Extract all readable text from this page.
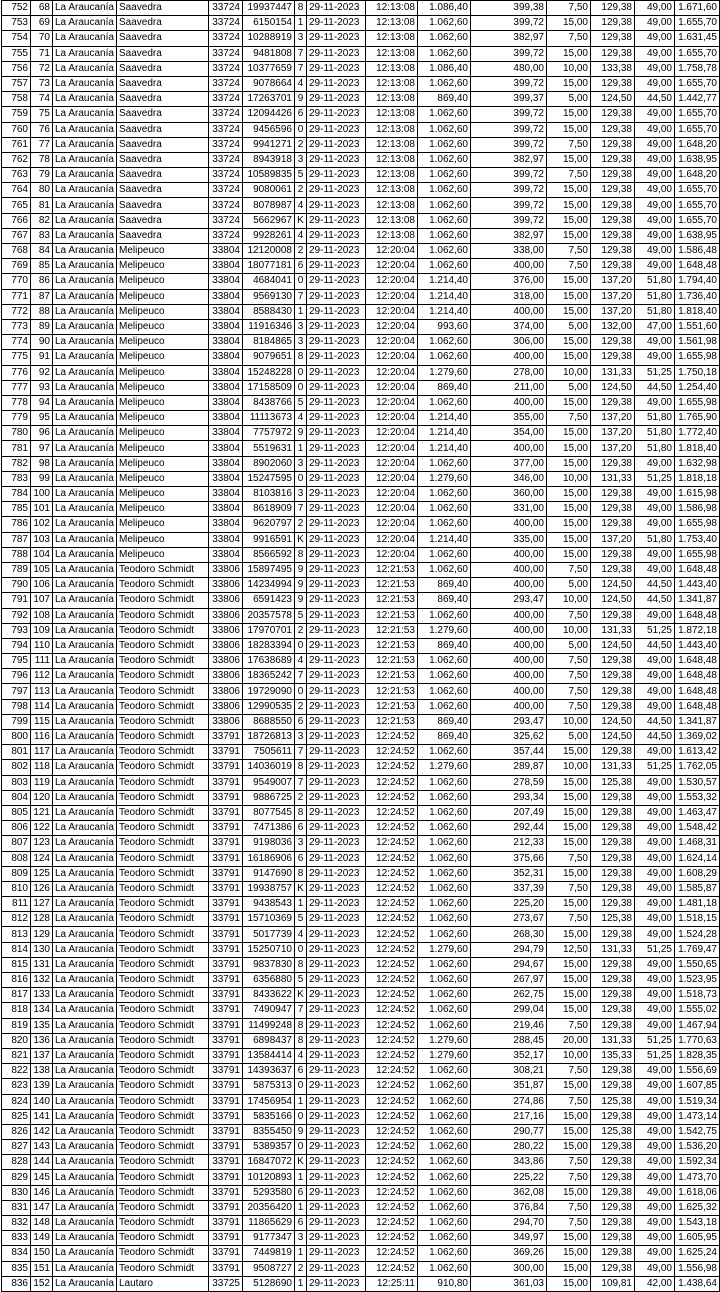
752	68	La Araucanía	Saavedra	33724	19937447	8	29-11-2023	12:13:08	1.086,40	399,38	7,50	129,38	49,00	1.671,60
753	69	La Araucanía	Saavedra	33724	6150154	1	29-11-2023	12:13:08	1.062,60	399,72	15,00	129,38	49,00	1.655,70
754	70	La Araucanía	Saavedra	33724	10288919	3	29-11-2023	12:13:08	1.062,60	382,97	7,50	129,38	49,00	1.631,45
755	71	La Araucanía	Saavedra	33724	9481808	7	29-11-2023	12:13:08	1.062,60	399,72	15,00	129,38	49,00	1.655,70
756	72	La Araucanía	Saavedra	33724	10377659	7	29-11-2023	12:13:08	1.086,40	480,00	10,00	133,38	49,00	1.758,78
757	73	La Araucanía	Saavedra	33724	9078664	4	29-11-2023	12:13:08	1.062,60	399,72	15,00	129,38	49,00	1.655,70
758	74	La Araucanía	Saavedra	33724	17263701	9	29-11-2023	12:13:08	869,40	399,37	5,00	124,50	44,50	1.442,77
759	75	La Araucanía	Saavedra	33724	12094426	6	29-11-2023	12:13:08	1.062,60	399,72	15,00	129,38	49,00	1.655,70
760	76	La Araucanía	Saavedra	33724	9456596	0	29-11-2023	12:13:08	1.062,60	399,72	15,00	129,38	49,00	1.655,70
761	77	La Araucanía	Saavedra	33724	9941271	2	29-11-2023	12:13:08	1.062,60	399,72	7,50	129,38	49,00	1.648,20
762	78	La Araucanía	Saavedra	33724	8943918	3	29-11-2023	12:13:08	1.062,60	382,97	15,00	129,38	49,00	1.638,95
763	79	La Araucanía	Saavedra	33724	10589835	5	29-11-2023	12:13:08	1.062,60	399,72	7,50	129,38	49,00	1.648,20
764	80	La Araucanía	Saavedra	33724	9080061	2	29-11-2023	12:13:08	1.062,60	399,72	15,00	129,38	49,00	1.655,70
765	81	La Araucanía	Saavedra	33724	8078987	4	29-11-2023	12:13:08	1.062,60	399,72	15,00	129,38	49,00	1.655,70
766	82	La Araucanía	Saavedra	33724	5662967	K	29-11-2023	12:13:08	1.062,60	399,72	15,00	129,38	49,00	1.655,70
767	83	La Araucanía	Saavedra	33724	9928261	4	29-11-2023	12:13:08	1.062,60	382,97	15,00	129,38	49,00	1.638,95
768	84	La Araucanía	Melipeuco	33804	12120008	2	29-11-2023	12:20:04	1.062,60	338,00	7,50	129,38	49,00	1.586,48
769	85	La Araucanía	Melipeuco	33804	18077181	6	29-11-2023	12:20:04	1.062,60	400,00	7,50	129,38	49,00	1.648,48
770	86	La Araucanía	Melipeuco	33804	4684041	0	29-11-2023	12:20:04	1.214,40	376,00	15,00	137,20	51,80	1.794,40
771	87	La Araucanía	Melipeuco	33804	9569130	7	29-11-2023	12:20:04	1.214,40	318,00	15,00	137,20	51,80	1.736,40
772	88	La Araucanía	Melipeuco	33804	8588430	1	29-11-2023	12:20:04	1.214,40	400,00	15,00	137,20	51,80	1.818,40
773	89	La Araucanía	Melipeuco	33804	11916346	3	29-11-2023	12:20:04	993,60	374,00	5,00	132,00	47,00	1.551,60
774	90	La Araucanía	Melipeuco	33804	8184865	3	29-11-2023	12:20:04	1.062,60	306,00	15,00	129,38	49,00	1.561,98
775	91	La Araucanía	Melipeuco	33804	9079651	8	29-11-2023	12:20:04	1.062,60	400,00	15,00	129,38	49,00	1.655,98
776	92	La Araucanía	Melipeuco	33804	15248228	0	29-11-2023	12:20:04	1.279,60	278,00	10,00	131,33	51,25	1.750,18
777	93	La Araucanía	Melipeuco	33804	17158509	0	29-11-2023	12:20:04	869,40	211,00	5,00	124,50	44,50	1.254,40
778	94	La Araucanía	Melipeuco	33804	8438766	5	29-11-2023	12:20:04	1.062,60	400,00	15,00	129,38	49,00	1.655,98
779	95	La Araucanía	Melipeuco	33804	11113673	4	29-11-2023	12:20:04	1.214,40	355,00	7,50	137,20	51,80	1.765,90
780	96	La Araucanía	Melipeuco	33804	7757972	9	29-11-2023	12:20:04	1.214,40	354,00	15,00	137,20	51,80	1.772,40
781	97	La Araucanía	Melipeuco	33804	5519631	1	29-11-2023	12:20:04	1.214,40	400,00	15,00	137,20	51,80	1.818,40
782	98	La Araucanía	Melipeuco	33804	8902060	3	29-11-2023	12:20:04	1.062,60	377,00	15,00	129,38	49,00	1.632,98
783	99	La Araucanía	Melipeuco	33804	15247595	0	29-11-2023	12:20:04	1.279,60	346,00	10,00	131,33	51,25	1.818,18
784	100	La Araucanía	Melipeuco	33804	8103816	3	29-11-2023	12:20:04	1.062,60	360,00	15,00	129,38	49,00	1.615,98
785	101	La Araucanía	Melipeuco	33804	8618909	7	29-11-2023	12:20:04	1.062,60	331,00	15,00	129,38	49,00	1.586,98
786	102	La Araucanía	Melipeuco	33804	9620797	2	29-11-2023	12:20:04	1.062,60	400,00	15,00	129,38	49,00	1.655,98
787	103	La Araucanía	Melipeuco	33804	9916591	K	29-11-2023	12:20:04	1.214,40	335,00	15,00	137,20	51,80	1.753,40
788	104	La Araucanía	Melipeuco	33804	8566592	8	29-11-2023	12:20:04	1.062,60	400,00	15,00	129,38	49,00	1.655,98
789	105	La Araucanía	Teodoro Schmidt	33806	15897495	9	29-11-2023	12:21:53	1.062,60	400,00	7,50	129,38	49,00	1.648,48
790	106	La Araucanía	Teodoro Schmidt	33806	14234994	9	29-11-2023	12:21:53	869,40	400,00	5,00	124,50	44,50	1.443,40
791	107	La Araucanía	Teodoro Schmidt	33806	6591423	9	29-11-2023	12:21:53	869,40	293,47	10,00	124,50	44,50	1.341,87
792	108	La Araucanía	Teodoro Schmidt	33806	20357578	5	29-11-2023	12:21:53	1.062,60	400,00	7,50	129,38	49,00	1.648,48
793	109	La Araucanía	Teodoro Schmidt	33806	17970701	2	29-11-2023	12:21:53	1.279,60	400,00	10,00	131,33	51,25	1.872,18
794	110	La Araucanía	Teodoro Schmidt	33806	18283394	0	29-11-2023	12:21:53	869,40	400,00	5,00	124,50	44,50	1.443,40
795	111	La Araucanía	Teodoro Schmidt	33806	17638689	4	29-11-2023	12:21:53	1.062,60	400,00	7,50	129,38	49,00	1.648,48
796	112	La Araucanía	Teodoro Schmidt	33806	18365242	7	29-11-2023	12:21:53	1.062,60	400,00	7,50	129,38	49,00	1.648,48
797	113	La Araucanía	Teodoro Schmidt	33806	19729090	0	29-11-2023	12:21:53	1.062,60	400,00	7,50	129,38	49,00	1.648,48
798	114	La Araucanía	Teodoro Schmidt	33806	12990535	2	29-11-2023	12:21:53	1.062,60	400,00	7,50	129,38	49,00	1.648,48
799	115	La Araucanía	Teodoro Schmidt	33806	8688550	6	29-11-2023	12:21:53	869,40	293,47	10,00	124,50	44,50	1.341,87
800	116	La Araucanía	Teodoro Schmidt	33791	18726813	3	29-11-2023	12:24:52	869,40	325,62	5,00	124,50	44,50	1.369,02
801	117	La Araucanía	Teodoro Schmidt	33791	7505611	7	29-11-2023	12:24:52	1.062,60	357,44	15,00	129,38	49,00	1.613,42
802	118	La Araucanía	Teodoro Schmidt	33791	14036019	8	29-11-2023	12:24:52	1.279,60	289,87	10,00	131,33	51,25	1.762,05
803	119	La Araucanía	Teodoro Schmidt	33791	9549007	7	29-11-2023	12:24:52	1.062,60	278,59	15,00	125,38	49,00	1.530,57
804	120	La Araucanía	Teodoro Schmidt	33791	9886725	2	29-11-2023	12:24:52	1.062,60	293,34	15,00	129,38	49,00	1.553,32
805	121	La Araucanía	Teodoro Schmidt	33791	8077545	8	29-11-2023	12:24:52	1.062,60	207,49	15,00	129,38	49,00	1.463,47
806	122	La Araucanía	Teodoro Schmidt	33791	7471386	6	29-11-2023	12:24:52	1.062,60	292,44	15,00	129,38	49,00	1.548,42
807	123	La Araucanía	Teodoro Schmidt	33791	9198036	3	29-11-2023	12:24:52	1.062,60	212,33	15,00	129,38	49,00	1.468,31
808	124	La Araucanía	Teodoro Schmidt	33791	16186906	6	29-11-2023	12:24:52	1.062,60	375,66	7,50	129,38	49,00	1.624,14
809	125	La Araucanía	Teodoro Schmidt	33791	9147690	8	29-11-2023	12:24:52	1.062,60	352,31	15,00	129,38	49,00	1.608,29
810	126	La Araucanía	Teodoro Schmidt	33791	19938757	K	29-11-2023	12:24:52	1.062,60	337,39	7,50	129,38	49,00	1.585,87
811	127	La Araucanía	Teodoro Schmidt	33791	9438543	1	29-11-2023	12:24:52	1.062,60	225,20	15,00	129,38	49,00	1.481,18
812	128	La Araucanía	Teodoro Schmidt	33791	15710369	5	29-11-2023	12:24:52	1.062,60	273,67	7,50	125,38	49,00	1.518,15
813	129	La Araucanía	Teodoro Schmidt	33791	5017739	4	29-11-2023	12:24:52	1.062,60	268,30	15,00	129,38	49,00	1.524,28
814	130	La Araucanía	Teodoro Schmidt	33791	15250710	0	29-11-2023	12:24:52	1.279,60	294,79	12,50	131,33	51,25	1.769,47
815	131	La Araucanía	Teodoro Schmidt	33791	9837830	8	29-11-2023	12:24:52	1.062,60	294,67	15,00	129,38	49,00	1.550,65
816	132	La Araucanía	Teodoro Schmidt	33791	6356880	5	29-11-2023	12:24:52	1.062,60	267,97	15,00	129,38	49,00	1.523,95
817	133	La Araucanía	Teodoro Schmidt	33791	8433622	K	29-11-2023	12:24:52	1.062,60	262,75	15,00	129,38	49,00	1.518,73
818	134	La Araucanía	Teodoro Schmidt	33791	7490947	7	29-11-2023	12:24:52	1.062,60	299,04	15,00	129,38	49,00	1.555,02
819	135	La Araucanía	Teodoro Schmidt	33791	11499248	8	29-11-2023	12:24:52	1.062,60	219,46	7,50	129,38	49,00	1.467,94
820	136	La Araucanía	Teodoro Schmidt	33791	6898437	8	29-11-2023	12:24:52	1.279,60	288,45	20,00	131,33	51,25	1.770,63
821	137	La Araucanía	Teodoro Schmidt	33791	13584414	4	29-11-2023	12:24:52	1.279,60	352,17	10,00	135,33	51,25	1.828,35
822	138	La Araucanía	Teodoro Schmidt	33791	14393637	6	29-11-2023	12:24:52	1.062,60	308,21	7,50	129,38	49,00	1.556,69
823	139	La Araucanía	Teodoro Schmidt	33791	5875313	0	29-11-2023	12:24:52	1.062,60	351,87	15,00	129,38	49,00	1.607,85
824	140	La Araucanía	Teodoro Schmidt	33791	17456954	1	29-11-2023	12:24:52	1.062,60	274,86	7,50	125,38	49,00	1.519,34
825	141	La Araucanía	Teodoro Schmidt	33791	5835166	0	29-11-2023	12:24:52	1.062,60	217,16	15,00	129,38	49,00	1.473,14
826	142	La Araucanía	Teodoro Schmidt	33791	8355450	9	29-11-2023	12:24:52	1.062,60	290,77	15,00	125,38	49,00	1.542,75
827	143	La Araucanía	Teodoro Schmidt	33791	5389357	0	29-11-2023	12:24:52	1.062,60	280,22	15,00	129,38	49,00	1.536,20
828	144	La Araucanía	Teodoro Schmidt	33791	16847072	K	29-11-2023	12:24:52	1.062,60	343,86	7,50	129,38	49,00	1.592,34
829	145	La Araucanía	Teodoro Schmidt	33791	10120893	1	29-11-2023	12:24:52	1.062,60	225,22	7,50	129,38	49,00	1.473,70
830	146	La Araucanía	Teodoro Schmidt	33791	5293580	6	29-11-2023	12:24:52	1.062,60	362,08	15,00	129,38	49,00	1.618,06
831	147	La Araucanía	Teodoro Schmidt	33791	20356420	1	29-11-2023	12:24:52	1.062,60	376,84	7,50	129,38	49,00	1.625,32
832	148	La Araucanía	Teodoro Schmidt	33791	11865629	6	29-11-2023	12:24:52	1.062,60	294,70	7,50	129,38	49,00	1.543,18
833	149	La Araucanía	Teodoro Schmidt	33791	9177347	3	29-11-2023	12:24:52	1.062,60	349,97	15,00	129,38	49,00	1.605,95
834	150	La Araucanía	Teodoro Schmidt	33791	7449819	1	29-11-2023	12:24:52	1.062,60	369,26	15,00	129,38	49,00	1.625,24
835	151	La Araucanía	Teodoro Schmidt	33791	9508727	2	29-11-2023	12:24:52	1.062,60	300,00	15,00	129,38	49,00	1.556,98
836	152	La Araucanía	Lautaro	33725	5128690	1	29-11-2023	12:25:11	910,80	361,03	15,00	109,81	42,00	1.438,64
